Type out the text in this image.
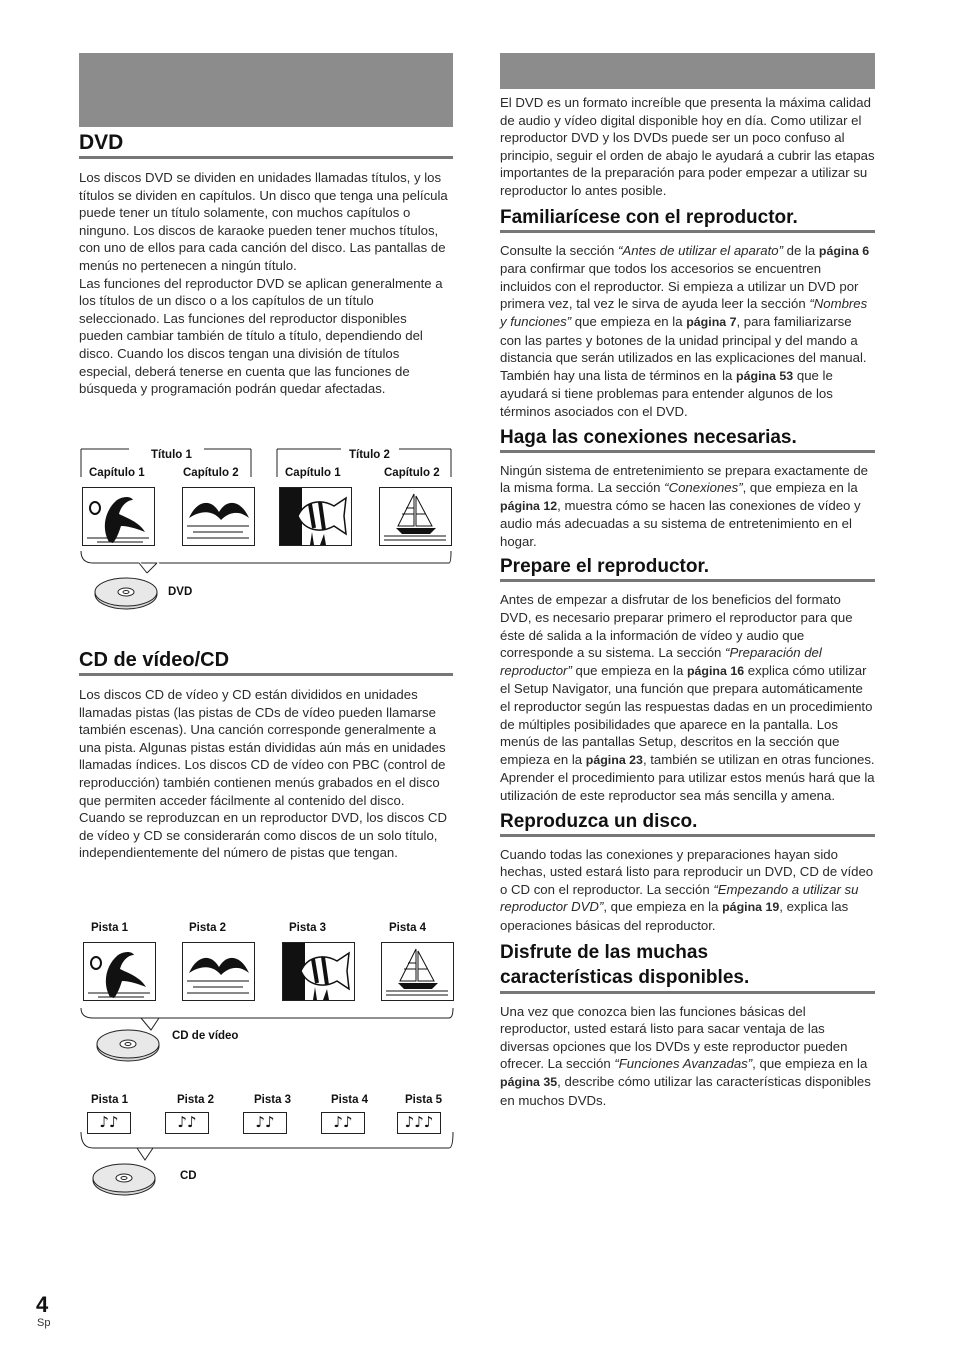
DVD

Los discos DVD se dividen en unidades llamadas títulos, y los títulos se dividen en capítulos. Un disco que tenga una película puede tener un título solamente, con muchos capítulos o ninguno. Los discos de karaoke pueden tener muchos títulos, con uno de ellos para cada canción del disco. Las pantallas de menús no pertenecen a ningún título.

Las funciones del reproductor DVD se aplican generalmente a los títulos de un disco o a los capítulos de un título seleccionado. Las funciones del reproductor disponibles pueden cambiar también de título a título, dependiendo del disco. Cuando los discos tengan una división de títulos especial, deberá tenerse en cuenta que las funciones de búsqueda y programación podrán quedar afectadas.

Título 1	Título 2
Capítulo 1	Capítulo 2	Capítulo 1	Capítulo 2
DVD
CD de vídeo/CD

Los discos CD de vídeo y CD están divididos en unidades llamadas pistas (las pistas de CDs de vídeo pueden llamarse también escenas). Una canción corresponde generalmente a una pista. Algunas pistas están divididas aún más en unidades llamadas índices. Los discos CD de vídeo con PBC (control de reproducción) también contienen menús grabados en el disco que permiten acceder fácilmente al contenido del disco.

Cuando se reproduzcan en un reproductor DVD, los discos CD de vídeo y CD se considerarán como discos de un solo título, independientemente del número de pistas que tengan.

Pista 1	Pista 2	Pista 3	Pista 4
CD de vídeo
Pista 1	Pista 2	Pista 3	Pista 4	Pista 5
♪♪	♪♪	♪♪	♪♪	♪♪♪
CD

El DVD es un formato increíble que presenta la máxima calidad de audio y vídeo digital disponible hoy en día. Como utilizar el reproductor DVD y los DVDs puede ser un poco confuso al principio, seguir el orden de abajo le ayudará a cubrir las etapas importantes de la preparación para poder empezar a utilizar su reproductor lo antes posible.

Familiarícese con el reproductor.

Consulte la sección “Antes de utilizar el aparato” de la página 6 para confirmar que todos los accesorios se encuentren incluidos con el reproductor. Si empieza a utilizar un DVD por primera vez, tal vez le sirva de ayuda leer la sección “Nombres y funciones” que empieza en la página 7, para familiarizarse con las partes y botones de la unidad principal y del mando a distancia que serán utilizados en las explicaciones del manual.

También hay una lista de términos en la página 53 que le ayudará si tiene problemas para entender algunos de los términos asociados con el DVD.

Haga las conexiones necesarias.

Ningún sistema de entretenimiento se prepara exactamente de la misma forma. La sección “Conexiones”, que empieza en la página 12, muestra cómo se hacen las conexiones de vídeo y audio más adecuadas a su sistema de entretenimiento en el hogar.

Prepare el reproductor.

Antes de empezar a disfrutar de los beneficios del formato DVD, es necesario preparar primero el reproductor para que éste dé salida a la información de vídeo y audio que corresponde a su sistema. La sección “Preparación del reproductor” que empieza en la página 16 explica cómo utilizar el Setup Navigator, una función que prepara automáticamente el reproductor según las respuestas dadas en un procedimiento de múltiples posibilidades que aparece en la pantalla. Los menús de las pantallas Setup, descritos en la sección que empieza en la página 23, también se utilizan en otras funciones. Aprender el procedimiento para utilizar estos menús hará que la utilización de este reproductor sea más sencilla y amena.

Reproduzca un disco.

Cuando todas las conexiones y preparaciones hayan sido hechas, usted estará listo para reproducir un DVD, CD de vídeo o CD con el reproductor. La sección “Empezando a utilizar su reproductor DVD”, que empieza en la página 19, explica las operaciones básicas del reproductor.

Disfrute de las muchas
características disponibles.

Una vez que conozca bien las funciones básicas del reproductor, usted estará listo para sacar ventaja de las diversas opciones que los DVDs y este reproductor pueden ofrecer. La sección “Funciones Avanzadas”, que empieza en la página 35, describe cómo utilizar las características disponibles en muchos DVDs.

4
Sp
